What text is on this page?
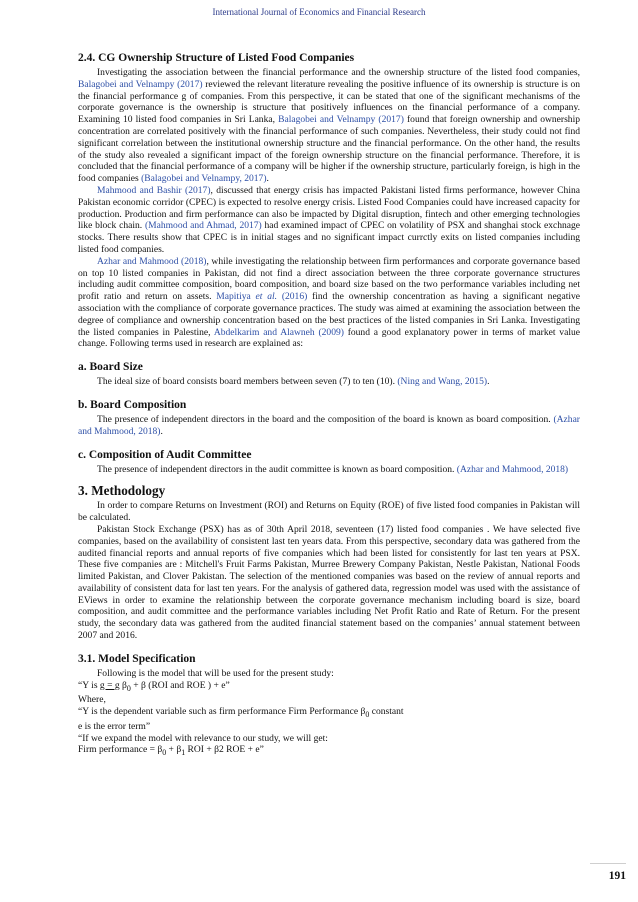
International Journal of Economics and Financial Research
2.4. CG Ownership Structure of Listed Food Companies

Investigating the association between the financial performance and the ownership structure of the listed food companies, Balagobei and Velnampy (2017) reviewed the relevant literature revealing the positive influence of its ownership is structure is on the financial performance g of companies. From this perspective, it can be stated that one of the significant mechanisms of the corporate governance is the ownership is structure that positively influences on the financial performance of a company. Examining 10 listed food companies in Sri Lanka, Balagobei and Velnampy (2017) found that foreign ownership and ownership concentration are correlated positively with the financial performance of such companies. Nevertheless, their study could not find significant correlation between the institutional ownership structure and the financial performance. On the other hand, the results of the study also revealed a significant impact of the foreign ownership structure on the financial performance. Therefore, it is concluded that the financial performance of a company will be higher if the ownership structure, particularly foreign, is high in the food companies (Balagobei and Velnampy, 2017).

Mahmood and Bashir (2017), discussed that energy crisis has impacted Pakistani listed firms performance, however China Pakistan economic corridor (CPEC) is expected to resolve energy crisis. Listed Food Companies could have increased capacity for production. Production and firm performance can also be impacted by Digital disruption, fintech and other emerging technologies like block chain. (Mahmood and Ahmad, 2017) had examined impact of CPEC on volatility of PSX and shanghai stock exchnage stocks. There results show that CPEC is in initial stages and no significant impact currctly exits on listed companies including listed food companies.

Azhar and Mahmood (2018), while investigating the relationship between firm performances and corporate governance based on top 10 listed companies in Pakistan, did not find a direct association between the three corporate governance structures including audit committee composition, board composition, and board size based on the two performance variables including net profit ratio and return on assets. Mapitiya et al. (2016) find the ownership concentration as having a significant negative association with the compliance of corporate governance practices. The study was aimed at examining the association between the degree of compliance and ownership concentration based on the best practices of the listed companies in Sri Lanka. Investigating the listed companies in Palestine, Abdelkarim and Alawneh (2009) found a good explanatory power in terms of market value change. Following terms used in research are explained as:

a. Board Size

The ideal size of board consists board members between seven (7) to ten (10). (Ning and Wang, 2015).

b. Board Composition

The presence of independent directors in the board and the composition of the board is known as board composition. (Azhar and Mahmood, 2018).

c. Composition of Audit Committee

The presence of independent directors in the audit committee is known as board composition. (Azhar and Mahmood, 2018)

3. Methodology

In order to compare Returns on Investment (ROI) and Returns on Equity (ROE) of five listed food companies in Pakistan will be calculated.

Pakistan Stock Exchange (PSX) has as of 30th April 2018, seventeen (17) listed food companies . We have selected five companies, based on the availability of consistent last ten years data. From this perspective, secondary data was gathered from the audited financial reports and annual reports of five companies which had been listed for consistently for last ten years at PSX. These five companies are : Mitchell's Fruit Farms Pakistan, Murree Brewery Company Pakistan, Nestle Pakistan, National Foods limited Pakistan, and Clover Pakistan. The selection of the mentioned companies was based on the review of annual reports and availability of consistent data for last ten years. For the analysis of gathered data, regression model was used with the assistance of EViews in order to examine the relationship between the corporate governance mechanism including board is size, board composition, and audit committee and the performance variables including Net Profit Ratio and Rate of Return. For the present study, the secondary data was gathered from the audited financial statement based on the companies’ annual statement between 2007 and 2016.

3.1. Model Specification
Following is the model that will be used for the present study:
“Y is g = g $\beta_0 + \beta$ (ROI and ROE ) + e”
Where,
“Y is the dependent variable such as firm performance Firm Performance $\beta_0$ constant
e is the error term”
“If we expand the model with relevance to our study, we will get:
Firm performance = $\beta_0 + \beta_1$ ROI + β2 ROE + e”
191
